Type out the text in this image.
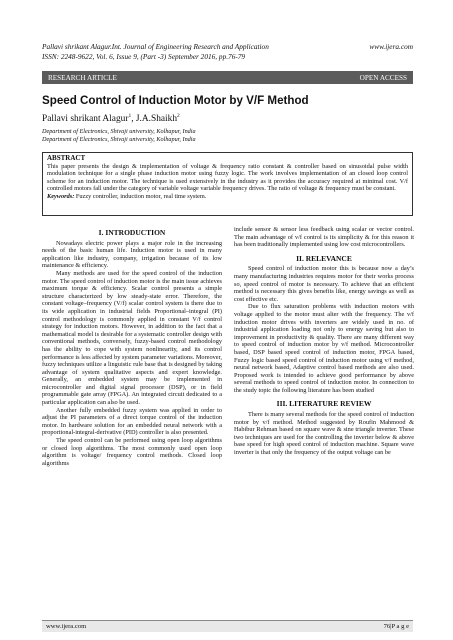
Pallavi shrikant Alagur.Int. Journal of Engineering Research and Application	www.ijera.com
ISSN: 2248-9622, Vol. 6, Issue 9, (Part -3) September 2016, pp.76-79
RESEARCH ARTICLE	OPEN ACCESS
Speed Control of Induction Motor by V/F Method
Pallavi shrikant Alagur$^1$, J.A.Shaikh$^2$
Department of Electronics, Shivaji university, Kolhapur, India
Department of Electronics, Shivaji university, Kolhapur, India
ABSTRACT
This paper presents the design & implementation of voltage & frequency ratio constant & controller based on sinusoidal pulse width modulation technique for a single phase induction motor using fuzzy logic. The work involves implementation of an closed loop control scheme for an induction motor. The technique is used extensively in the industry as it provides the accuracy required at minimal cost. V/f controlled motors fall under the category of variable voltage variable frequency drives. The ratio of voltage & frequency must be constant.
Keywords: Fuzzy controller, induction motor, real time system.
I. INTRODUCTION

Nowadays electric power plays a major role in the increasing needs of the basic human life. Induction motor is used in many application like industry, company, irrigation because of its low maintenance & efficiency.

Many methods are used for the speed control of the induction motor. The speed control of induction motor is the main issue achieves maximum torque & efficiency. Scalar control presents a simple structure characterized by low steady-state error. Therefore, the constant voltage–frequency (V/f) scalar control system is there due to its wide application in industrial fields Proportional–integral (PI) control methodology is commonly applied in constant V/f control strategy for induction motors. However, in addition to the fact that a mathematical model is desirable for a systematic controller design with conventional methods, conversely, fuzzy-based control methodology has the ability to cope with system nonlinearity, and its control performance is less affected by system parameter variations. Moreover, fuzzy techniques utilize a linguistic rule base that is designed by taking advantage of system qualitative aspects and expert knowledge. Generally, an embedded system may be implemented in microcontroller and digital signal processor (DSP), or in field programmable gate array (FPGA). An integrated circuit dedicated to a particular application can also be used.

Another fully embedded fuzzy system was applied in order to adjust the PI parameters of a direct torque control of the induction motor. In hardware solution for an embedded neural network with a proportional-integral-derivative (PID) controller is also presented.

The speed control can be performed using open loop algorithms or closed loop algorithms. The most commonly used open loop algorithm is voltage/ frequency control methods. Closed loop algorithms

include sensor & sensor less feedback using scalar or vector control. The main advantage of v/f control is its simplicity & for this reason it has been traditionally implemented using low cost microcontrollers.

II. RELEVANCE

Speed control of induction motor this is because now a day’s many manufacturing industries requires motor for their works process so, speed control of motor is necessary. To achieve that an efficient method is necessary this gives benefits like, energy savings as well as cost effective etc.

Due to flux saturation problems with induction motors with voltage applied to the motor must alter with the frequency. The v/f induction motor drives with inverters are widely used in no. of industrial application loading not only to energy saving but also to improvement in productivity & quality. There are many different way to speed control of induction motor by v/f method. Microcontroller based, DSP based speed control of induction motor, FPGA based, Fuzzy logic based speed control of induction motor using v/f method, neural network based, Adaptive control based methods are also used. Proposed work is intended to achieve good performance by above several methods to speed control of induction motor. In connection to the study topic the following literature has been studied

III. LITERATURE REVIEW

There is many several methods for the speed control of induction motor by v/f method. Method suggested by Roufin Mahmood & Habibur Rehman based on square wave & sine triangle inverter. These two techniques are used for the controlling the inverter below & above base speed for high speed control of induction machine. Square wave inverter is that only the frequency of the output voltage can be

www.ijera.com	76|P a g e
